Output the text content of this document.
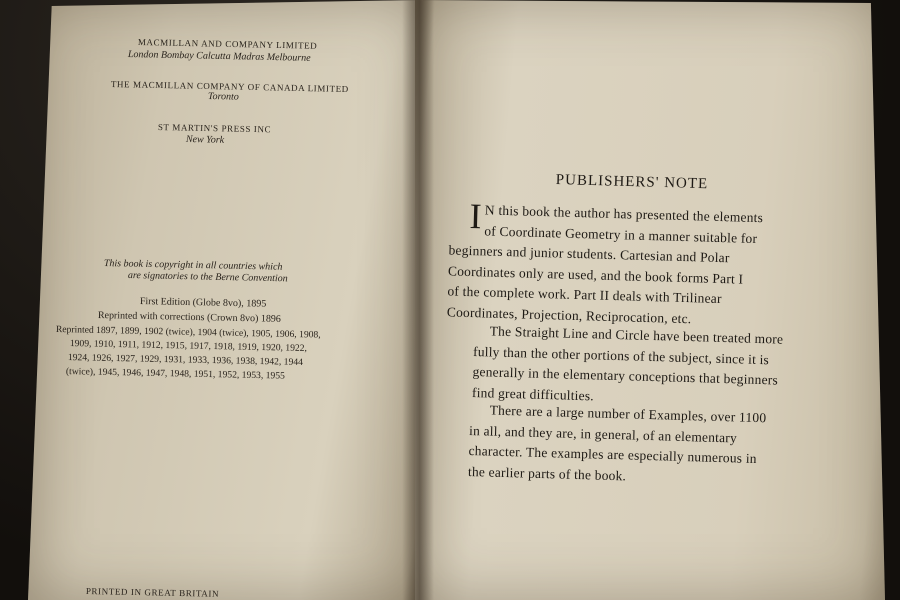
MACMILLAN AND COMPANY LIMITED
London Bombay Calcutta Madras Melbourne
THE MACMILLAN COMPANY OF CANADA LIMITED
Toronto
ST MARTIN'S PRESS INC
New York
This book is copyright in all countries which
are signatories to the Berne Convention
First Edition (Globe 8vo), 1895
Reprinted with corrections (Crown 8vo) 1896
Reprinted 1897, 1899, 1902 (twice), 1904 (twice), 1905, 1906, 1908,
1909, 1910, 1911, 1912, 1915, 1917, 1918, 1919, 1920, 1922,
1924, 1926, 1927, 1929, 1931, 1933, 1936, 1938, 1942, 1944
(twice), 1945, 1946, 1947, 1948, 1951, 1952, 1953, 1955
PRINTED IN GREAT BRITAIN
PUBLISHERS' NOTE
I N this book the author has presented the elements
of Coordinate Geometry in a manner suitable for
beginners and junior students. Cartesian and Polar
Coordinates only are used, and the book forms Part I
of the complete work. Part II deals with Trilinear
Coordinates, Projection, Reciprocation, etc.
The Straight Line and Circle have been treated more
fully than the other portions of the subject, since it is
generally in the elementary conceptions that beginners
find great difficulties.
There are a large number of Examples, over 1100
in all, and they are, in general, of an elementary
character. The examples are especially numerous in
the earlier parts of the book.
